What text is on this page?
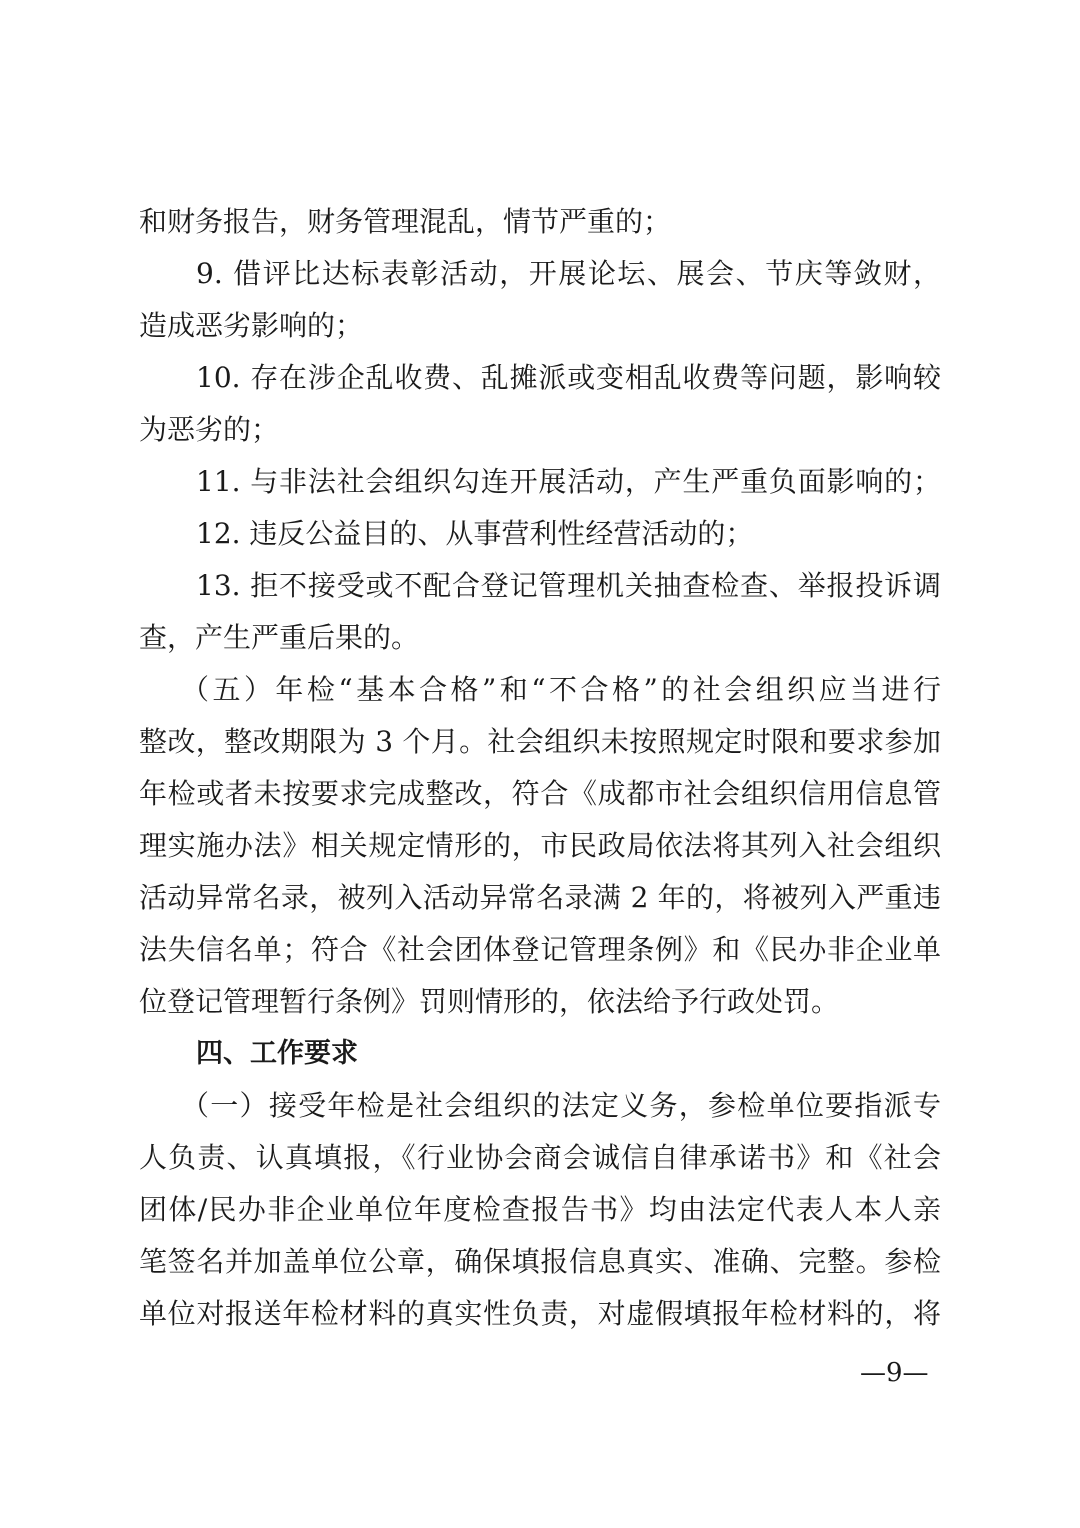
和财务报告，财务管理混乱，情节严重的；
9. 借评比达标表彰活动，开展论坛、展会、节庆等敛财，
造成恶劣影响的；
10. 存在涉企乱收费、乱摊派或变相乱收费等问题，影响较
为恶劣的；
11. 与非法社会组织勾连开展活动，产生严重负面影响的；
12. 违反公益目的、从事营利性经营活动的；
13. 拒不接受或不配合登记管理机关抽查检查、举报投诉调
查，产生严重后果的。
（五）年检“基本合格”和“不合格”的社会组织应当进行
整改，整改期限为 3 个月。社会组织未按照规定时限和要求参加
年检或者未按要求完成整改，符合《成都市社会组织信用信息管
理实施办法》相关规定情形的，市民政局依法将其列入社会组织
活动异常名录，被列入活动异常名录满 2 年的，将被列入严重违
法失信名单；符合《社会团体登记管理条例》和《民办非企业单
位登记管理暂行条例》罚则情形的，依法给予行政处罚。
四、工作要求
（一）接受年检是社会组织的法定义务，参检单位要指派专
人负责、认真填报，《行业协会商会诚信自律承诺书》和《社会
团体/民办非企业单位年度检查报告书》均由法定代表人本人亲
笔签名并加盖单位公章，确保填报信息真实、准确、完整。参检
单位对报送年检材料的真实性负责，对虚假填报年检材料的，将
—9—
